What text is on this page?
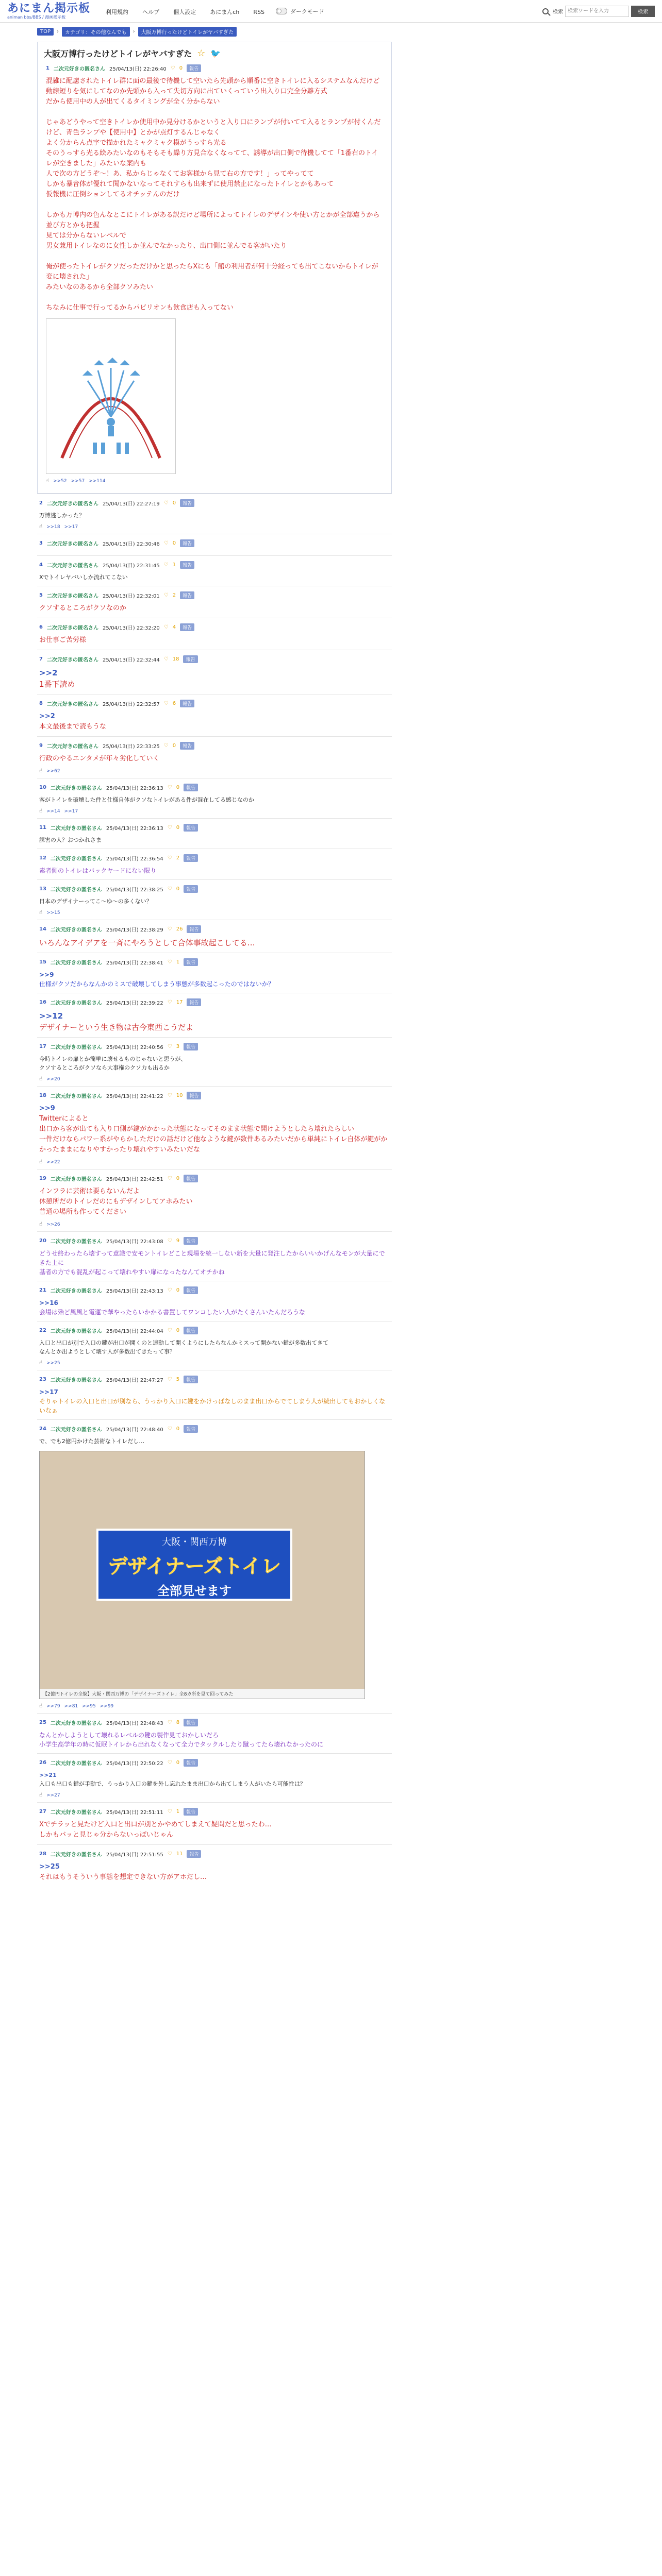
あにまん掲示板
animan bbs/BBS / 漫画掲示板
利用規約 ヘルプ 個人設定 あにまんch RSS	ダークモード	検索
検索ワードを入力	検索
TOP	›	カテゴリ：その他なんでも	›	大阪万博行ったけどトイレがヤバすぎた
大阪万博行ったけどトイレがヤバすぎた ☆ 🐦
1 二次元好きの匿名さん 25/04/13(日) 22:26:40 ♡ 0	報告
混雑に配慮されたトイレ群に面の最後で待機して空いたら先頭から順番に空きトイレに入るシステムなんだけど
動線短りを気にしてなのか先頭から入って失切方向に出ていくっていう出入り口完全分離方式
だから使用中の人が出てくるタイミングが全く分からない

じゃあどうやって空きトイレか使用中か見分けるかというと入り口にランプが付いてて入るとランプが付くんだけど、青色ランプや【使用中】とかが点灯するんじゃなく
よく分からん点字で描かれたミャクミャク模がうっすら光る
そのうっすら光る絵みたいなのもそもそも繰り方見合なくなってて、誘導が出口側で待機してて「1番右のトイレが空きました」みたいな案内も
人で次の方どうぞ～！あ、私からじゃなくてお客様から見て右の方です！」ってやってて
しかも暴音体が優れて聞かないなってそれすらも出来ずに使用禁止になったトイレとかもあって
仮報機に圧倒ションしてるオチッテんのだけ

しかも万博内の色んなとこにトイレがある訳だけど場所によってトイレのデザインや使い方とかが全部違うから並び方とかも把握
見ては分からないレベルで
男女兼用トイレなのに女性しか並んでなかったり、出口側に並んでる客がいたり

俺が使ったトイレがクソだっただけかと思ったらXにも「館の利用者が何十分経っても出てこないからトイレが変に壊された」
みたいなのあるから全部クソみたい

ちなみに仕事で行ってるからパビリオンも飲食店も入ってない
☝ >>52 >>57 >>114
2 二次元好きの匿名さん 25/04/13(日) 22:27:19 ♡ 0	報告
万博逃しかった？
☝ >>18 >>17
3 二次元好きの匿名さん 25/04/13(日) 22:30:46 ♡ 0	報告
4 二次元好きの匿名さん 25/04/13(日) 22:31:45 ♡ 1	報告
Xでトイレヤバいしか流れてこない
5 二次元好きの匿名さん 25/04/13(日) 22:32:01 ♡ 2	報告
クソするところがクソなのか
6 二次元好きの匿名さん 25/04/13(日) 22:32:20 ♡ 4	報告
お仕事ご苦労様
7 二次元好きの匿名さん 25/04/13(日) 22:32:44 ♡ 18	報告
>>2
1番下読め
8 二次元好きの匿名さん 25/04/13(日) 22:32:57 ♡ 6	報告
>>2
本文最後まで読もうな
9 二次元好きの匿名さん 25/04/13(日) 22:33:25 ♡ 0	報告
行政のやるエンタメが年々劣化していく
☝ >>62
10 二次元好きの匿名さん 25/04/13(日) 22:36:13 ♡ 0	報告
客がトイレを破壊した件と仕様自体がクソなトイレがある件が混在してる感じなのか
☝ >>14 >>17
11 二次元好きの匿名さん 25/04/13(日) 22:36:13 ♡ 0	報告
課害の人？おつかれさま
12 二次元好きの匿名さん 25/04/13(日) 22:36:54 ♡ 2	報告
素者側のトイレはバックヤードにない限り
13 二次元好きの匿名さん 25/04/13(日) 22:38:25 ♡ 0	報告
日本のデザイナーってこ～ゆ～の多くない？
☝ >>15
14 二次元好きの匿名さん 25/04/13(日) 22:38:29 ♡ 26	報告
いろんなアイデアを一斉にやろうとして合体事故起こしてる…
15 二次元好きの匿名さん 25/04/13(日) 22:38:41 ♡ 1	報告
>>9
仕様がクソだからなんかのミスで破壊してしまう事態が多数起こったのではないか？
16 二次元好きの匿名さん 25/04/13(日) 22:39:22 ♡ 17	報告
>>12
デザイナーという生き物は古今東西こうだよ
17 二次元好きの匿名さん 25/04/13(日) 22:40:56 ♡ 3	報告
今時トイレの扉とか簡単に壊せるものじゃないと思うが、
クソするところがクソなら大事権のクソ力も出るか
☝ >>20
18 二次元好きの匿名さん 25/04/13(日) 22:41:22 ♡ 10	報告
>>9
Twitterによると
出口から客が出ても入り口側が鍵がかかった状態になってそのまま状態で開けようとしたら壊れたらしい
一件だけならパワー系がやらかしただけの話だけど他なような鍵が数件あるみたいだから単純にトイレ自体が鍵がかかったままになりやすかったり壊れやすいみたいだな
☝ >>22
19 二次元好きの匿名さん 25/04/13(日) 22:42:51 ♡ 0	報告
インフラに芸術は要らないんだよ
休憩所だのトイレだのにもデザインしてアホみたい
普通の場所も作ってください
☝ >>26
20 二次元好きの匿名さん 25/04/13(日) 22:43:08 ♡ 9	報告
どうせ終わったら壊すって意識で安モントイレどこと現場を統一しない新を大量に発注したからいいかげんなモンが大量にできた上に
基者の方でも混乱が起こって壊れやすい扉になったなんてオチかね
21 二次元好きの匿名さん 25/04/13(日) 22:43:13 ♡ 0	報告
>>16
会場は殆ど風風と電運で華やったらいかかる書置してワンコしたい人がたくさんいたんだろうな
22 二次元好きの匿名さん 25/04/13(日) 22:44:04 ♡ 0	報告
入口と出口が別で入口の鍵が出口が開くのと連動して開くようにしたらなんかミスって開かない鍵が多数出てきて
なんとか出ようとして壊す人が多数出てきたって事？
☝ >>25
23 二次元好きの匿名さん 25/04/13(日) 22:47:27 ♡ 5	報告
>>17
そりゃトイレの入口と出口が別なら、うっかり入口に鍵をかけっぱなしのまま出口からでてしまう人が続出してもおかしくないなぁ
24 二次元好きの匿名さん 25/04/13(日) 22:48:40 ♡ 0	報告
で、でも2億円かけた芸術なトイレだし…
大阪・関西万博
デザイナーズトイレ
全部見せます
【2億円トイレの全貌】大阪・関西万博の「デザイナーズトイレ」全8カ所を見て回ってみた
☝ >>79 >>81 >>95 >>99
25 二次元好きの匿名さん 25/04/13(日) 22:48:43 ♡ 8	報告
なんとかしようとして壊れるレベルの鍵の製作見ておかしいだろ
小学生高学年の時に仮眠トイレから出れなくなって全力でタックルしたり蹴ってたら壊れなかったのに
26 二次元好きの匿名さん 25/04/13(日) 22:50:22 ♡ 0	報告
>>21
入口も出口も鍵が手動で、うっかり入口の鍵を外し忘れたまま出口から出てしまう人がいたら可能性は？
☝ >>27
27 二次元好きの匿名さん 25/04/13(日) 22:51:11 ♡ 1	報告
Xでチラッと見たけど入口と出口が別とかやめてしまえて疑問だと思ったわ…
しかもバッと見じゃ分からないっぽいじゃん
28 二次元好きの匿名さん 25/04/13(日) 22:51:55 ♡ 11	報告
>>25
それはもうそういう事態を想定できない方がアホだし…
